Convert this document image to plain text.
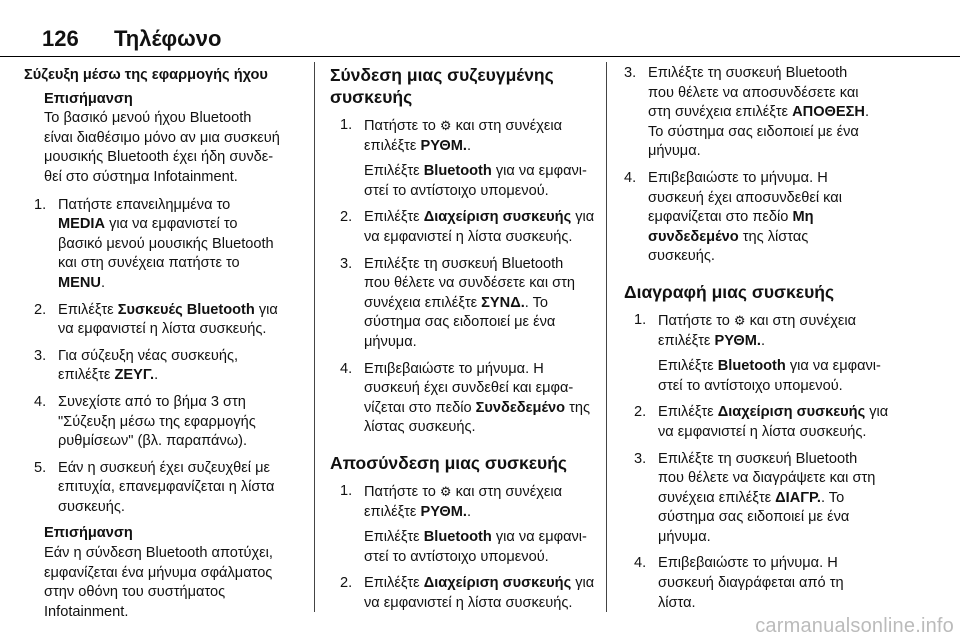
126	Τηλέφωνο
Σύζευξη μέσω της εφαρμογής ήχου
Επισήμανση
Το βασικό μενού ήχου Bluetooth
είναι διαθέσιμο μόνο αν μια συσκευή
μουσικής Bluetooth έχει ήδη συνδε‐
θεί στο σύστημα Infotainment.
1. Πατήστε επανειλημμένα το
MEDIA για να εμφανιστεί το
βασικό μενού μουσικής Bluetooth
και στη συνέχεια πατήστε το
MENU.
2. Επιλέξτε Συσκευές Bluetooth για
να εμφανιστεί η λίστα συσκευής.
3. Για σύζευξη νέας συσκευής,
επιλέξτε ΖΕΥΓ..
4. Συνεχίστε από το βήμα 3 στη
"Σύζευξη μέσω της εφαρμογής
ρυθμίσεων" (βλ. παραπάνω).
5. Εάν η συσκευή έχει συζευχθεί με
επιτυχία, επανεμφανίζεται η λίστα
συσκευής.
Επισήμανση
Εάν η σύνδεση Bluetooth αποτύχει,
εμφανίζεται ένα μήνυμα σφάλματος
στην οθόνη του συστήματος
Infotainment.
Σύνδεση μιας συζευγμένης
συσκευής
1. Πατήστε το ⚙ και στη συνέχεια
επιλέξτε ΡΥΘΜ..
Επιλέξτε Bluetooth για να εμφανι‐
στεί το αντίστοιχο υπομενού.
2. Επιλέξτε Διαχείριση συσκευής για
να εμφανιστεί η λίστα συσκευής.
3. Επιλέξτε τη συσκευή Bluetooth
που θέλετε να συνδέσετε και στη
συνέχεια επιλέξτε ΣΥΝΔ.. Το
σύστημα σας ειδοποιεί με ένα
μήνυμα.
4. Επιβεβαιώστε το μήνυμα. Η
συσκευή έχει συνδεθεί και εμφα‐
νίζεται στο πεδίο Συνδεδεμένο της
λίστας συσκευής.
Αποσύνδεση μιας συσκευής
1. Πατήστε το ⚙ και στη συνέχεια
επιλέξτε ΡΥΘΜ..
Επιλέξτε Bluetooth για να εμφανι‐
στεί το αντίστοιχο υπομενού.
2. Επιλέξτε Διαχείριση συσκευής για
να εμφανιστεί η λίστα συσκευής.
3. Επιλέξτε τη συσκευή Bluetooth
που θέλετε να αποσυνδέσετε και
στη συνέχεια επιλέξτε ΑΠΟΘΕΣΗ.
Το σύστημα σας ειδοποιεί με ένα
μήνυμα.
4. Επιβεβαιώστε το μήνυμα. Η
συσκευή έχει αποσυνδεθεί και
εμφανίζεται στο πεδίο Μη
συνδεδεμένο της λίστας
συσκευής.
Διαγραφή μιας συσκευής
1. Πατήστε το ⚙ και στη συνέχεια
επιλέξτε ΡΥΘΜ..
Επιλέξτε Bluetooth για να εμφανι‐
στεί το αντίστοιχο υπομενού.
2. Επιλέξτε Διαχείριση συσκευής για
να εμφανιστεί η λίστα συσκευής.
3. Επιλέξτε τη συσκευή Bluetooth
που θέλετε να διαγράψετε και στη
συνέχεια επιλέξτε ΔΙΑΓΡ.. Το
σύστημα σας ειδοποιεί με ένα
μήνυμα.
4. Επιβεβαιώστε το μήνυμα. Η
συσκευή διαγράφεται από τη
λίστα.
carmanualsonline.info
